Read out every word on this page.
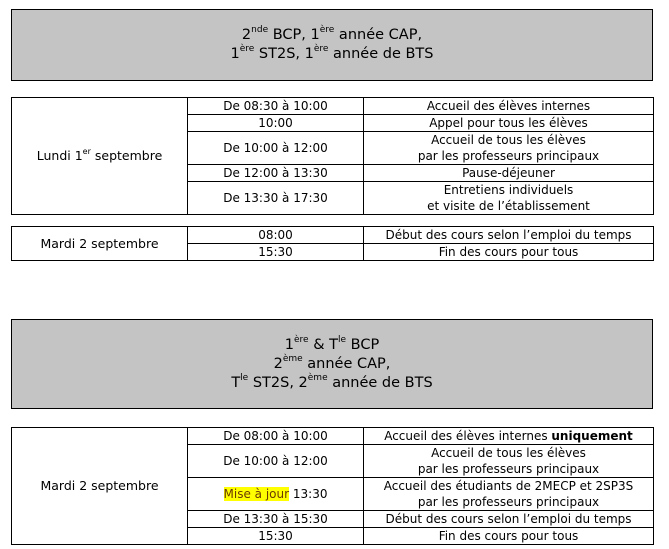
2nde BCP, 1ère année CAP,
1ère ST2S, 1ère année de BTS
Lundi 1er septembre	De 08:30 à 10:00	Accueil des élèves internes

	10:00	Appel pour tous les élèves

	De 10:00 à 12:00	Accueil de tous les élèves
par les professeurs principaux

	De 12:00 à 13:30	Pause-déjeuner

	De 13:30 à 17:30	Entretiens individuels
et visite de l’établissement
Mardi 2 septembre	08:00	Début des cours selon l’emploi du temps

	15:30	Fin des cours pour tous
1ère & $T^{le}$ BCP
2ème année CAP,
$T^{le}$ ST2S, 2ème année de BTS
Mardi 2 septembre	De 08:00 à 10:00	Accueil des élèves internes uniquement
	De 10:00 à 12:00	Accueil de tous les élèves
par les professeurs principaux

	Mise à jour 13:30	Accueil des étudiants de 2MECP et 2SP3S
par les professeurs principaux

	De 13:30 à 15:30	Début des cours selon l’emploi du temps

	15:30	Fin des cours pour tous
